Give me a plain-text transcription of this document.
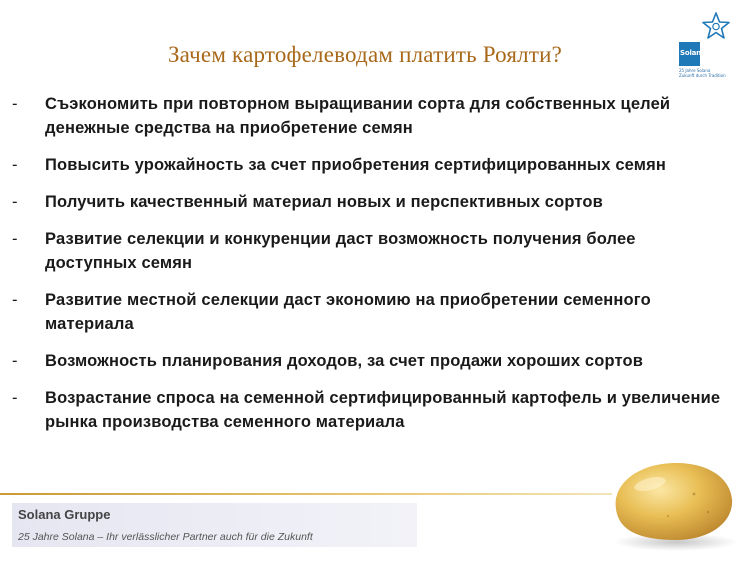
Зачем картофелеводам платить Роялти?	Solana
25 Jahre Solana
Zukunft durch Tradition
- Съэкономить при повторном выращивании сорта для собственных целей денежные средства на приобретение семян
- Повысить урожайность за счет приобретения сертифицированных семян
- Получить качественный материал новых и перспективных сортов
- Развитие селекции и конкуренции даст возможность получения более доступных семян
- Развитие местной селекции даст экономию на приобретении семенного материала
- Возможность планирования доходов, за счет продажи хороших сортов
- Возрастание спроса на семенной сертифицированный картофель и увеличение рынка производства семенного материала
Solana Gruppe
25 Jahre Solana – Ihr verlässlicher Partner auch für die Zukunft
